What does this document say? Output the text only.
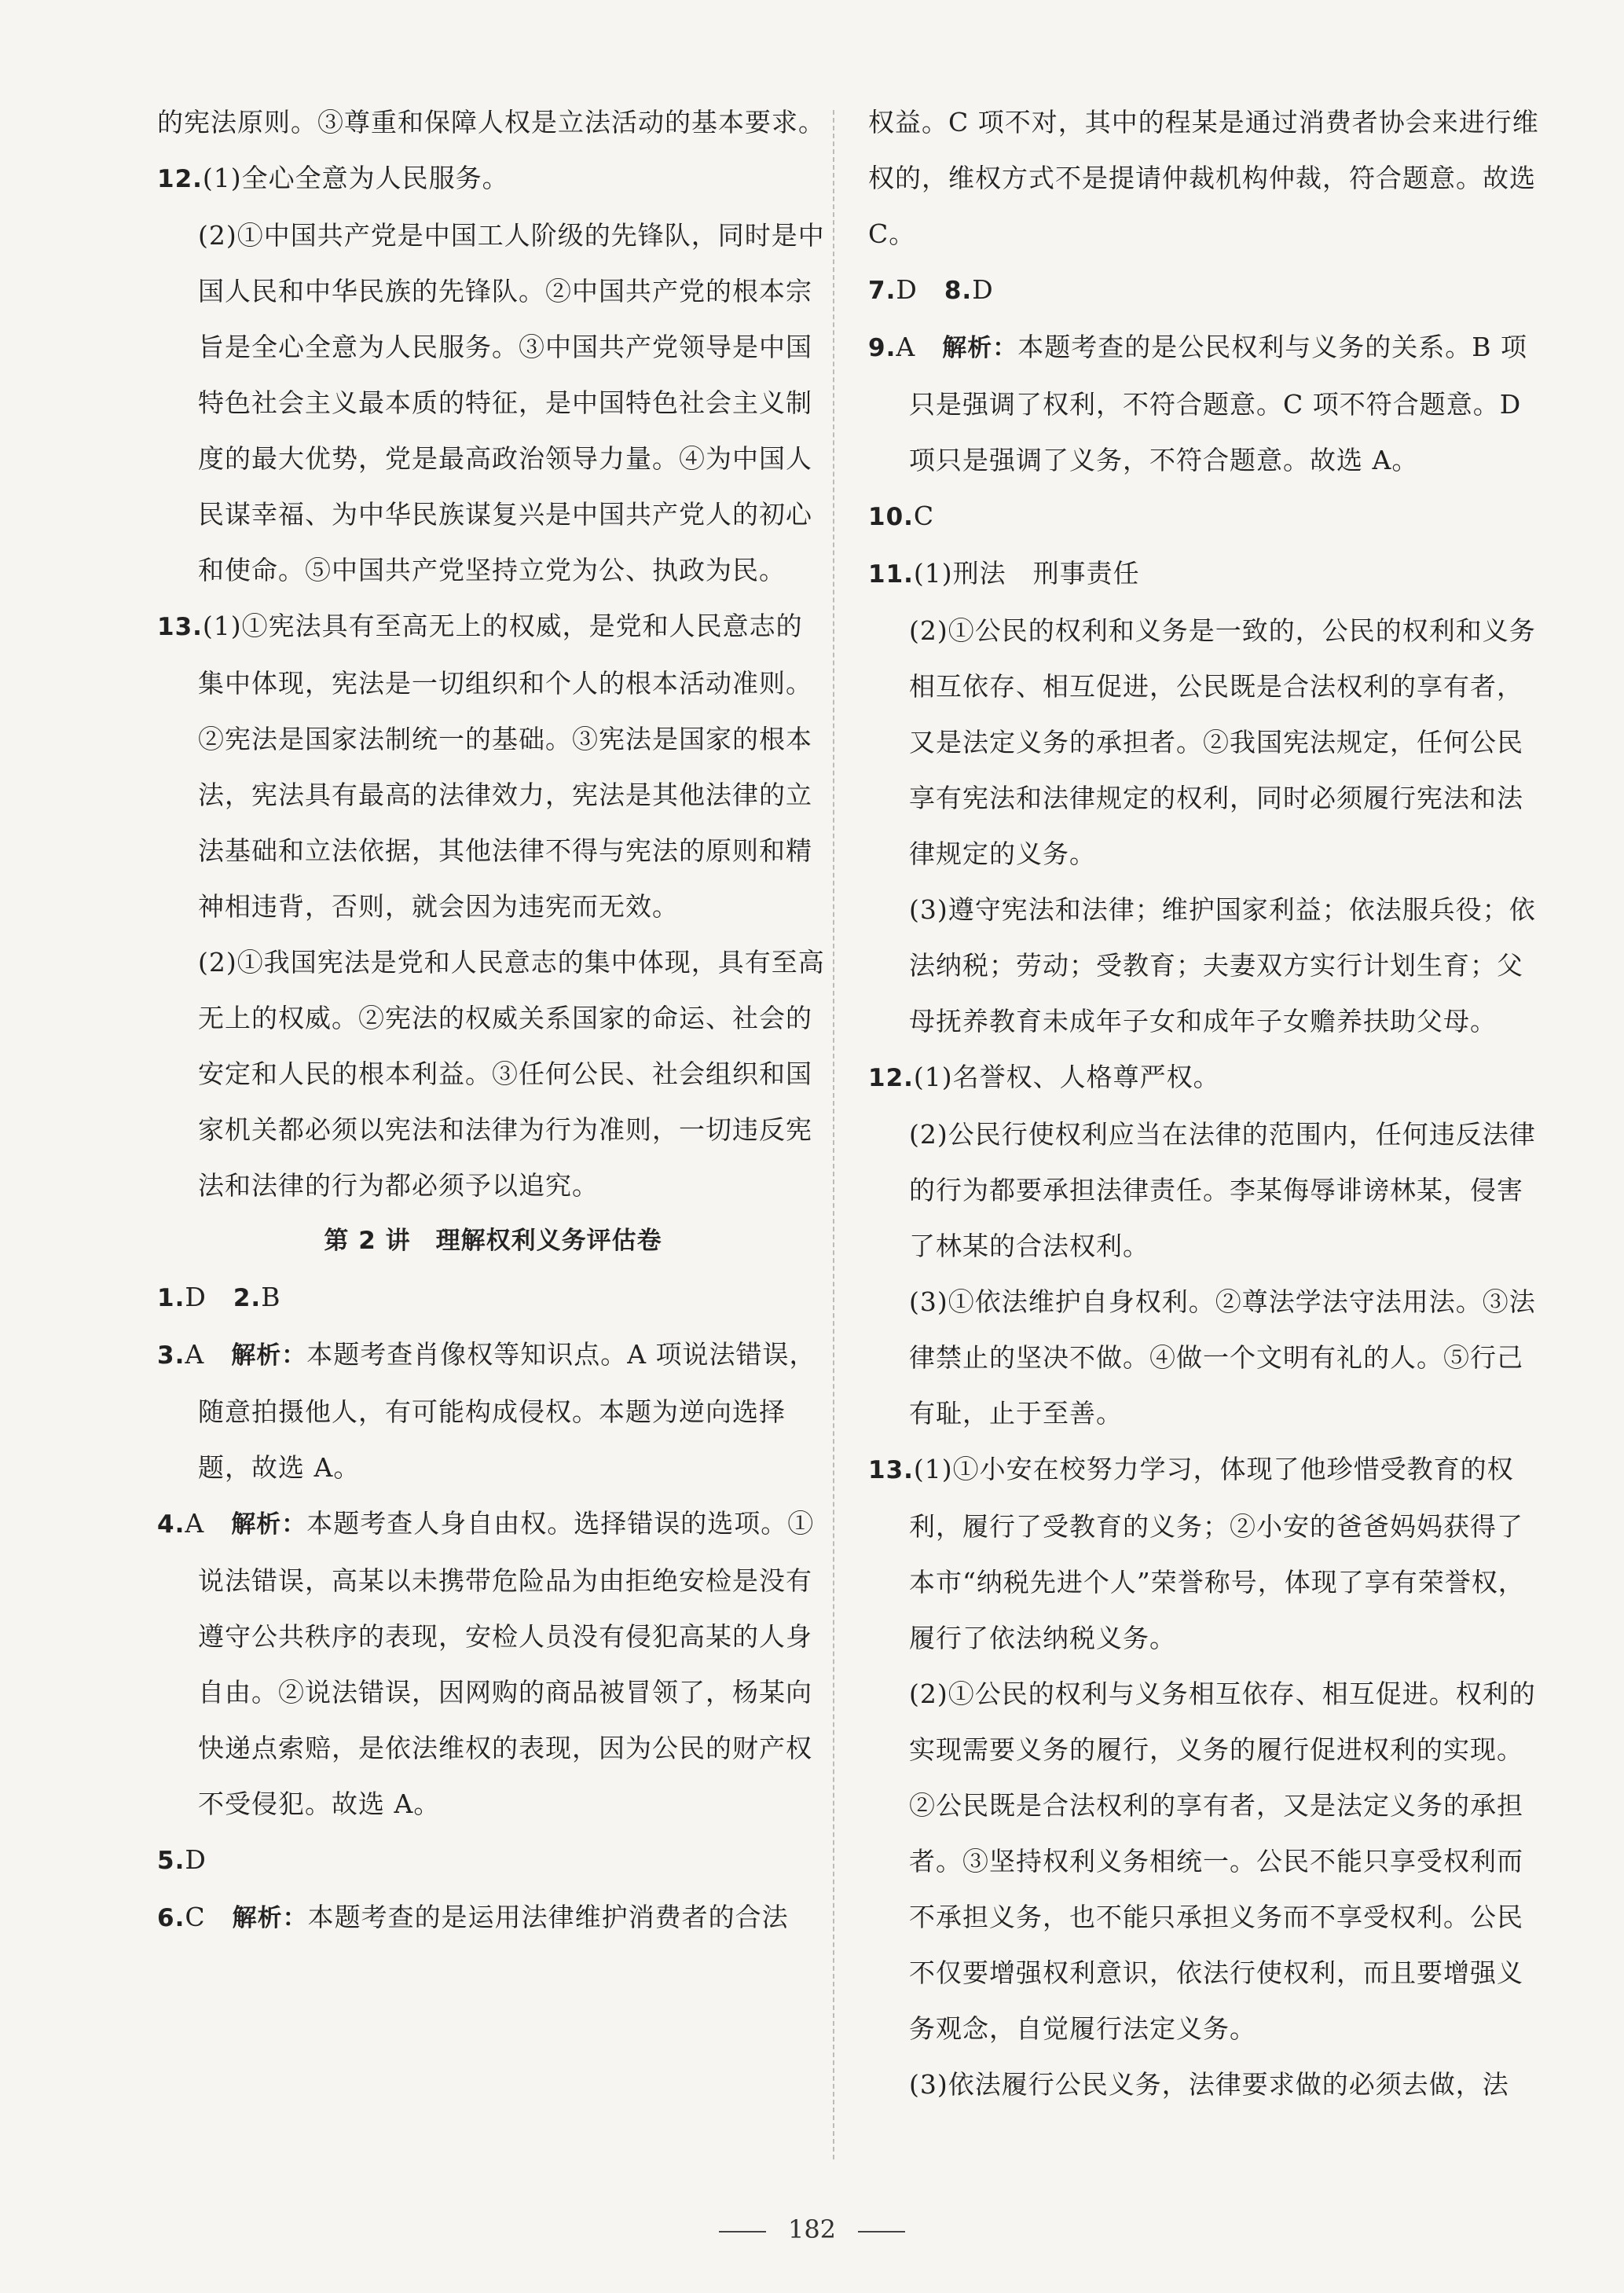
的宪法原则。③尊重和保障人权是立法活动的基本要求。

12.(1)全心全意为人民服务。

(2)①中国共产党是中国工人阶级的先锋队，同时是中国人民和中华民族的先锋队。②中国共产党的根本宗旨是全心全意为人民服务。③中国共产党领导是中国特色社会主义最本质的特征，是中国特色社会主义制度的最大优势，党是最高政治领导力量。④为中国人民谋幸福、为中华民族谋复兴是中国共产党人的初心和使命。⑤中国共产党坚持立党为公、执政为民。

13.(1)①宪法具有至高无上的权威，是党和人民意志的集中体现，宪法是一切组织和个人的根本活动准则。②宪法是国家法制统一的基础。③宪法是国家的根本法，宪法具有最高的法律效力，宪法是其他法律的立法基础和立法依据，其他法律不得与宪法的原则和精神相违背，否则，就会因为违宪而无效。

(2)①我国宪法是党和人民意志的集中体现，具有至高无上的权威。②宪法的权威关系国家的命运、社会的安定和人民的根本利益。③任何公民、社会组织和国家机关都必须以宪法和法律为行为准则，一切违反宪法和法律的行为都必须予以追究。

第 2 讲　理解权利义务评估卷

1.D　2.B

3.A　解析：本题考查肖像权等知识点。A 项说法错误，随意拍摄他人，有可能构成侵权。本题为逆向选择题，故选 A。

4.A　解析：本题考查人身自由权。选择错误的选项。①说法错误，高某以未携带危险品为由拒绝安检是没有遵守公共秩序的表现，安检人员没有侵犯高某的人身自由。②说法错误，因网购的商品被冒领了，杨某向快递点索赔，是依法维权的表现，因为公民的财产权不受侵犯。故选 A。

5.D

6.C　解析：本题考查的是运用法律维护消费者的合法

权益。C 项不对，其中的程某是通过消费者协会来进行维权的，维权方式不是提请仲裁机构仲裁，符合题意。故选 C。

7.D　8.D

9.A　解析：本题考查的是公民权利与义务的关系。B 项只是强调了权利，不符合题意。C 项不符合题意。D 项只是强调了义务，不符合题意。故选 A。

10.C

11.(1)刑法　刑事责任

(2)①公民的权利和义务是一致的，公民的权利和义务相互依存、相互促进，公民既是合法权利的享有者，又是法定义务的承担者。②我国宪法规定，任何公民享有宪法和法律规定的权利，同时必须履行宪法和法律规定的义务。

(3)遵守宪法和法律；维护国家利益；依法服兵役；依法纳税；劳动；受教育；夫妻双方实行计划生育；父母抚养教育未成年子女和成年子女赡养扶助父母。

12.(1)名誉权、人格尊严权。

(2)公民行使权利应当在法律的范围内，任何违反法律的行为都要承担法律责任。李某侮辱诽谤林某，侵害了林某的合法权利。

(3)①依法维护自身权利。②尊法学法守法用法。③法律禁止的坚决不做。④做一个文明有礼的人。⑤行己有耻，止于至善。

13.(1)①小安在校努力学习，体现了他珍惜受教育的权利，履行了受教育的义务；②小安的爸爸妈妈获得了本市“纳税先进个人”荣誉称号，体现了享有荣誉权，履行了依法纳税义务。

(2)①公民的权利与义务相互依存、相互促进。权利的实现需要义务的履行，义务的履行促进权利的实现。②公民既是合法权利的享有者，又是法定义务的承担者。③坚持权利义务相统一。公民不能只享受权利而不承担义务，也不能只承担义务而不享受权利。公民不仅要增强权利意识，依法行使权利，而且要增强义务观念，自觉履行法定义务。

(3)依法履行公民义务，法律要求做的必须去做，法

182
